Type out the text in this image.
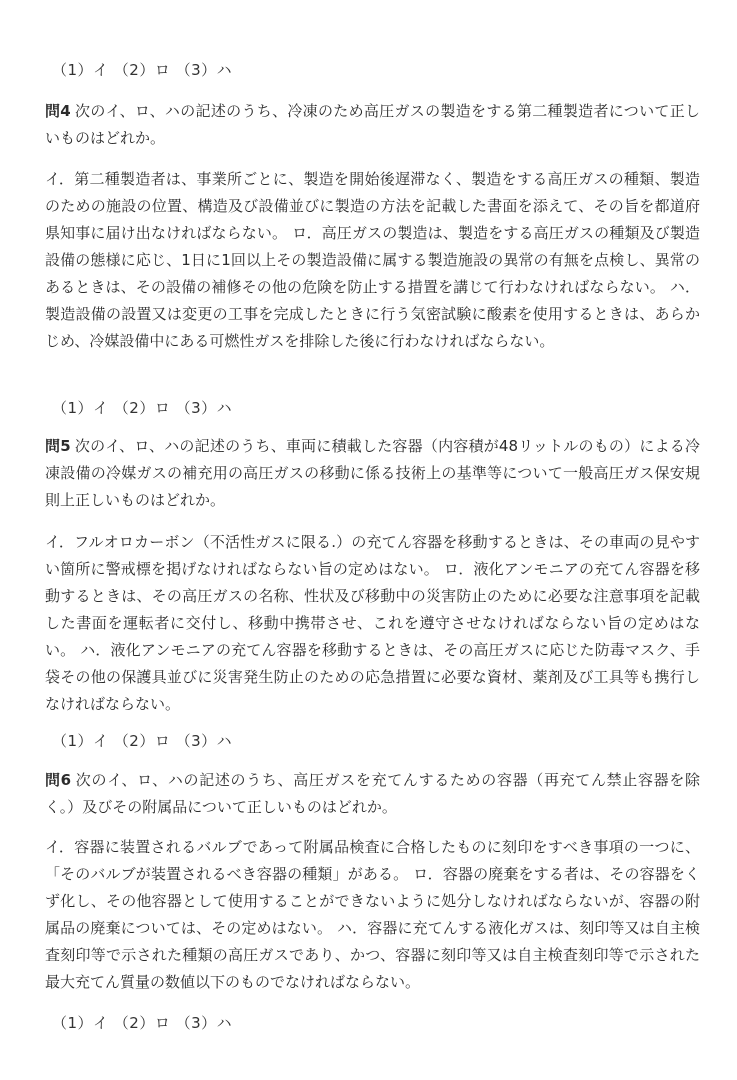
（1）イ （2）ロ （3）ハ
問4 次のイ、ロ、ハの記述のうち、冷凍のため高圧ガスの製造をする第二種製造者について正しいものはどれか。

イ．第二種製造者は、事業所ごとに、製造を開始後遅滞なく、製造をする高圧ガスの種類、製造のための施設の位置、構造及び設備並びに製造の方法を記載した書面を添えて、その旨を都道府県知事に届け出なければならない。 ロ．高圧ガスの製造は、製造をする高圧ガスの種類及び製造設備の態様に応じ、1日に1回以上その製造設備に属する製造施設の異常の有無を点検し、異常のあるときは、その設備の補修その他の危険を防止する措置を講じて行わなければならない。 ハ．製造設備の設置又は変更の工事を完成したときに行う気密試験に酸素を使用するときは、あらかじめ、冷媒設備中にある可燃性ガスを排除した後に行わなければならない。

（1）イ （2）ロ （3）ハ
問5 次のイ、ロ、ハの記述のうち、車両に積載した容器（内容積が48リットルのもの）による冷凍設備の冷媒ガスの補充用の高圧ガスの移動に係る技術上の基準等について一般高圧ガス保安規則上正しいものはどれか。

イ．フルオロカーボン（不活性ガスに限る.）の充てん容器を移動するときは、その車両の見やすい箇所に警戒標を掲げなければならない旨の定めはない。 ロ．液化アンモニアの充てん容器を移動するときは、その高圧ガスの名称、性状及び移動中の災害防止のために必要な注意事項を記載した書面を運転者に交付し、移動中携帯させ、これを遵守させなければならない旨の定めはない。 ハ．液化アンモニアの充てん容器を移動するときは、その高圧ガスに応じた防毒マスク、手袋その他の保護具並びに災害発生防止のための応急措置に必要な資材、薬剤及び工具等も携行しなければならない。

（1）イ （2）ロ （3）ハ
問6 次のイ、ロ、ハの記述のうち、高圧ガスを充てんするための容器（再充てん禁止容器を除く。）及びその附属品について正しいものはどれか。

イ．容器に装置されるバルブであって附属品検査に合格したものに刻印をすべき事項の一つに、「そのバルブが装置されるべき容器の種類」がある。 ロ．容器の廃棄をする者は、その容器をくず化し、その他容器として使用することができないように処分しなければならないが、容器の附属品の廃棄については、その定めはない。 ハ．容器に充てんする液化ガスは、刻印等又は自主検査刻印等で示された種類の高圧ガスであり、かつ、容器に刻印等又は自主検査刻印等で示された最大充てん質量の数値以下のものでなければならない。

（1）イ （2）ロ （3）ハ
